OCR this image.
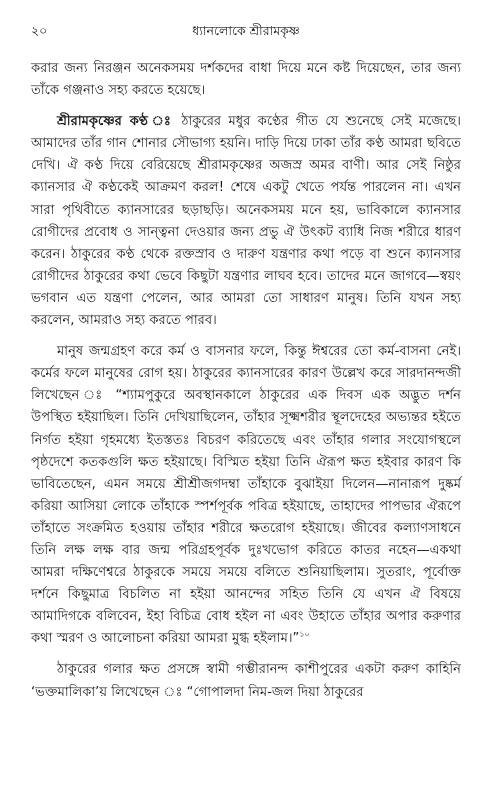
২০	ধ্যানলোকে শ্রীরামকৃষ্ণ

করার জন্য নিরঞ্জন অনেকসময় দর্শকদের বাধা দিয়ে মনে কষ্ট দিয়েছেন, তার জন্য তাঁকে গঞ্জনাও সহ্য করতে হয়েছে।

শ্রীরামকৃষ্ণের কণ্ঠ ঃ ঠাকুরের মধুর কণ্ঠের গীত যে শুনেছে সেই মজেছে। আমাদের তাঁর গান শোনার সৌভাগ্য হয়নি। দাড়ি দিয়ে ঢাকা তাঁর কণ্ঠ আমরা ছবিতে দেখি। ঐ কণ্ঠ দিয়ে বেরিয়েছে শ্রীরামকৃষ্ণের অজস্র অমর বাণী। আর সেই নিষ্ঠুর ক্যানসার ঐ কণ্ঠকেই আক্রমণ করল! শেষে একটু খেতে পর্যন্ত পারলেন না। এখন সারা পৃথিবীতে ক্যানসারের ছড়াছড়ি। অনেকসময় মনে হয়, ভাবিকালে ক্যানসার রোগীদের প্রবোধ ও সান্ত্বনা দেওয়ার জন্য প্রভু ঐ উৎকট ব্যাধি নিজ শরীরে ধারণ করেন। ঠাকুরের কণ্ঠ থেকে রক্তস্রাব ও দারুণ যন্ত্রণার কথা পড়ে বা শুনে ক্যানসার রোগীদের ঠাকুরের কথা ভেবে কিছুটা যন্ত্রণার লাঘব হবে। তাদের মনে জাগবে—স্বয়ং ভগবান এত যন্ত্রণা পেলেন, আর আমরা তো সাধারণ মানুষ। তিনি যখন সহ্য করলেন, আমরাও সহ্য করতে পারব।

মানুষ জন্মগ্রহণ করে কর্ম ও বাসনার ফলে, কিন্তু ঈশ্বরের তো কর্ম-বাসনা নেই। কর্মের ফলে মানুষের রোগ হয়। ঠাকুরের ক্যানসারের কারণ উল্লেখ করে সারদানন্দজী লিখেছেন ঃ “শ্যামপুকুরে অবস্থানকালে ঠাকুরের এক দিবস এক অদ্ভুত দর্শন উপস্থিত হইয়াছিল। তিনি দেখিয়াছিলেন, তাঁহার সূক্ষ্মশরীর স্থূলদেহের অভ্যন্তর হইতে নির্গত হইয়া গৃহমধ্যে ইতস্ততঃ বিচরণ করিতেছে এবং তাঁহার গলার সংযোগস্থলে পৃষ্ঠদেশে কতকগুলি ক্ষত হইয়াছে। বিস্মিত হইয়া তিনি ঐরূপ ক্ষত হইবার কারণ কি ভাবিতেছেন, এমন সময়ে শ্রীশ্রীজগদম্বা তাঁহাকে বুঝাইয়া দিলেন—নানারূপ দুষ্কর্ম করিয়া আসিয়া লোকে তাঁহাকে স্পর্শপূর্বক পবিত্র হইয়াছে, তাহাদের পাপভার ঐরূপে তাঁহাতে সংক্রমিত হওয়ায় তাঁহার শরীরে ক্ষতরোগ হইয়াছে। জীবের কল্যাণসাধনে তিনি লক্ষ লক্ষ বার জন্ম পরিগ্রহপূর্বক দুঃখভোগ করিতে কাতর নহেন—একথা আমরা দক্ষিণেশ্বরে ঠাকুরকে সময়ে সময়ে বলিতে শুনিয়াছিলাম। সুতরাং, পূর্বোক্ত দর্শনে কিছুমাত্র বিচলিত না হইয়া আনন্দের সহিত তিনি যে এখন ঐ বিষয়ে আমাদিগকে বলিবেন, ইহা বিচিত্র বোধ হইল না এবং উহাতে তাঁহার অপার করুণার কথা স্মরণ ও আলোচনা করিয়া আমরা মুগ্ধ হইলাম।”$^{১০}$

ঠাকুরের গলার ক্ষত প্রসঙ্গে স্বামী গম্ভীরানন্দ কাশীপুরের একটা করুণ কাহিনি ‘ভক্তমালিকা’য় লিখেছেন ঃ “গোপালদা নিম-জল দিয়া ঠাকুরের
